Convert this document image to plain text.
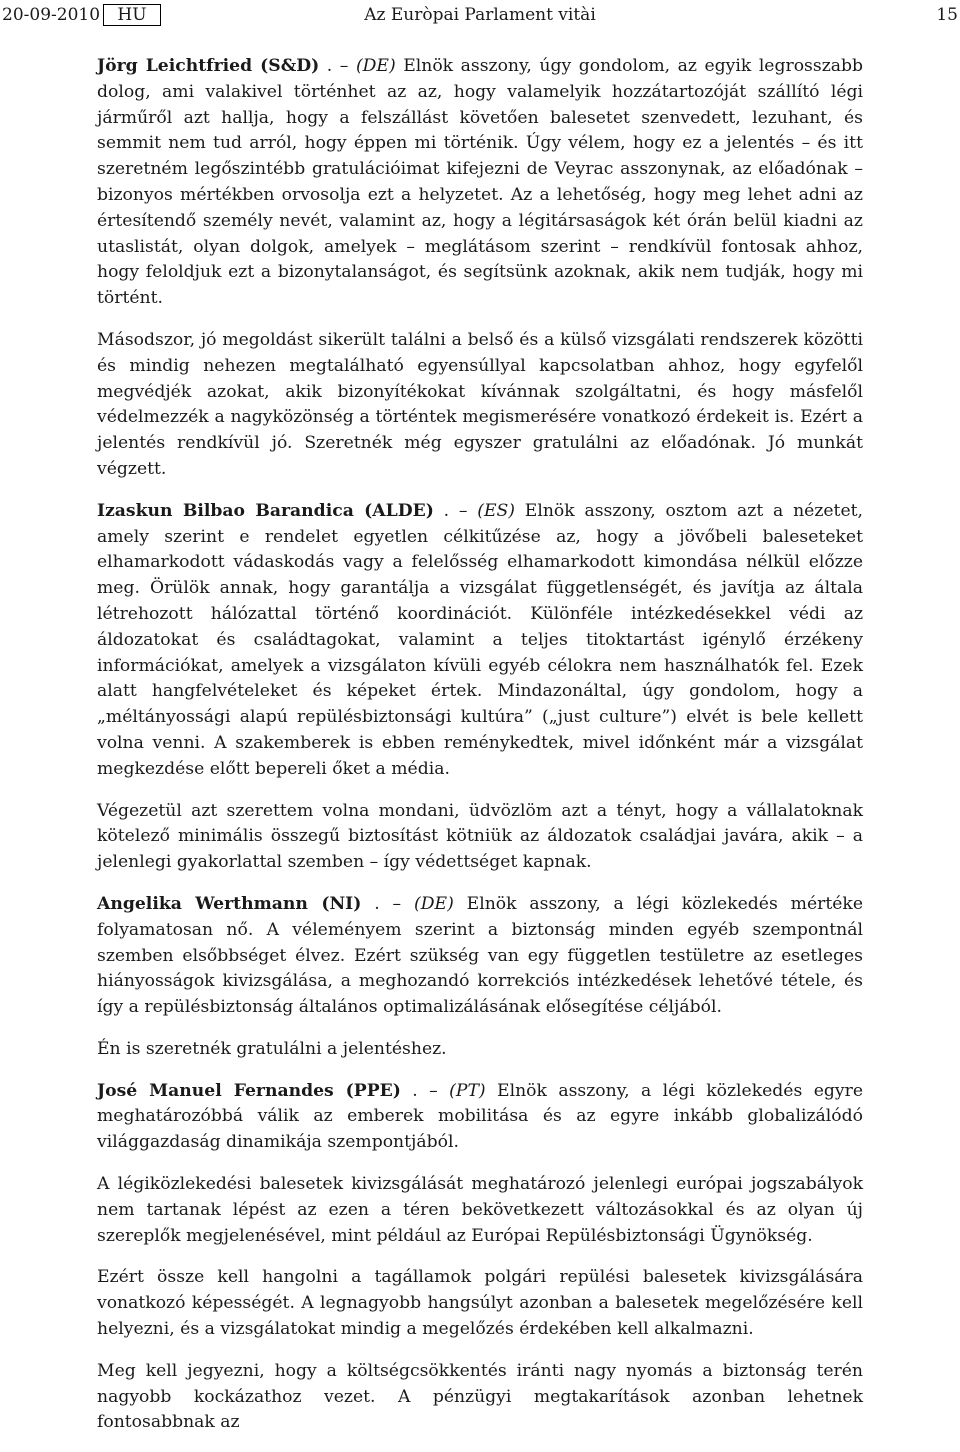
20-09-2010	HU	Az Euròpai Parlament vitài	15

Jörg Leichtfried (S&D) . – (DE) Elnök asszony, úgy gondolom, az egyik legrosszabb dolog, ami valakivel történhet az az, hogy valamelyik hozzátartozóját szállító légi járműről azt hallja, hogy a felszállást követően balesetet szenvedett, lezuhant, és semmit nem tud arról, hogy éppen mi történik. Úgy vélem, hogy ez a jelentés – és itt szeretném legőszintébb gratulációimat kifejezni de Veyrac asszonynak, az előadónak – bizonyos mértékben orvosolja ezt a helyzetet. Az a lehetőség, hogy meg lehet adni az értesítendő személy nevét, valamint az, hogy a légitársaságok két órán belül kiadni az utaslistát, olyan dolgok, amelyek – meglátásom szerint – rendkívül fontosak ahhoz, hogy feloldjuk ezt a bizonytalanságot, és segítsünk azoknak, akik nem tudják, hogy mi történt.

Másodszor, jó megoldást sikerült találni a belső és a külső vizsgálati rendszerek közötti és mindig nehezen megtalálható egyensúllyal kapcsolatban ahhoz, hogy egyfelől megvédjék azokat, akik bizonyítékokat kívánnak szolgáltatni, és hogy másfelől védelmezzék a nagyközönség a történtek megismerésére vonatkozó érdekeit is. Ezért a jelentés rendkívül jó. Szeretnék még egyszer gratulálni az előadónak. Jó munkát végzett.

Izaskun Bilbao Barandica (ALDE) . – (ES) Elnök asszony, osztom azt a nézetet, amely szerint e rendelet egyetlen célkitűzése az, hogy a jövőbeli baleseteket elhamarkodott vádaskodás vagy a felelősség elhamarkodott kimondása nélkül előzze meg. Örülök annak, hogy garantálja a vizsgálat függetlenségét, és javítja az általa létrehozott hálózattal történő koordinációt. Különféle intézkedésekkel védi az áldozatokat és családtagokat, valamint a teljes titoktartást igénylő érzékeny információkat, amelyek a vizsgálaton kívüli egyéb célokra nem használhatók fel. Ezek alatt hangfelvételeket és képeket értek. Mindazonáltal, úgy gondolom, hogy a „méltányossági alapú repülésbiztonsági kultúra” („just culture”) elvét is bele kellett volna venni. A szakemberek is ebben reménykedtek, mivel időnként már a vizsgálat megkezdése előtt bepereli őket a média.

Végezetül azt szerettem volna mondani, üdvözlöm azt a tényt, hogy a vállalatoknak kötelező minimális összegű biztosítást kötniük az áldozatok családjai javára, akik – a jelenlegi gyakorlattal szemben – így védettséget kapnak.

Angelika Werthmann (NI) . – (DE) Elnök asszony, a légi közlekedés mértéke folyamatosan nő. A véleményem szerint a biztonság minden egyéb szempontnál szemben elsőbbséget élvez. Ezért szükség van egy független testületre az esetleges hiányosságok kivizsgálása, a meghozandó korrekciós intézkedések lehetővé tétele, és így a repülésbiztonság általános optimalizálásának elősegítése céljából.

Én is szeretnék gratulálni a jelentéshez.

José Manuel Fernandes (PPE) . – (PT) Elnök asszony, a légi közlekedés egyre meghatározóbbá válik az emberek mobilitása és az egyre inkább globalizálódó világgazdaság dinamikája szempontjából.

A légiközlekedési balesetek kivizsgálását meghatározó jelenlegi európai jogszabályok nem tartanak lépést az ezen a téren bekövetkezett változásokkal és az olyan új szereplők megjelenésével, mint például az Európai Repülésbiztonsági Ügynökség.

Ezért össze kell hangolni a tagállamok polgári repülési balesetek kivizsgálására vonatkozó képességét. A legnagyobb hangsúlyt azonban a balesetek megelőzésére kell helyezni, és a vizsgálatokat mindig a megelőzés érdekében kell alkalmazni.

Meg kell jegyezni, hogy a költségcsökkentés iránti nagy nyomás a biztonság terén nagyobb kockázathoz vezet. A pénzügyi megtakarítások azonban lehetnek fontosabbnak az
